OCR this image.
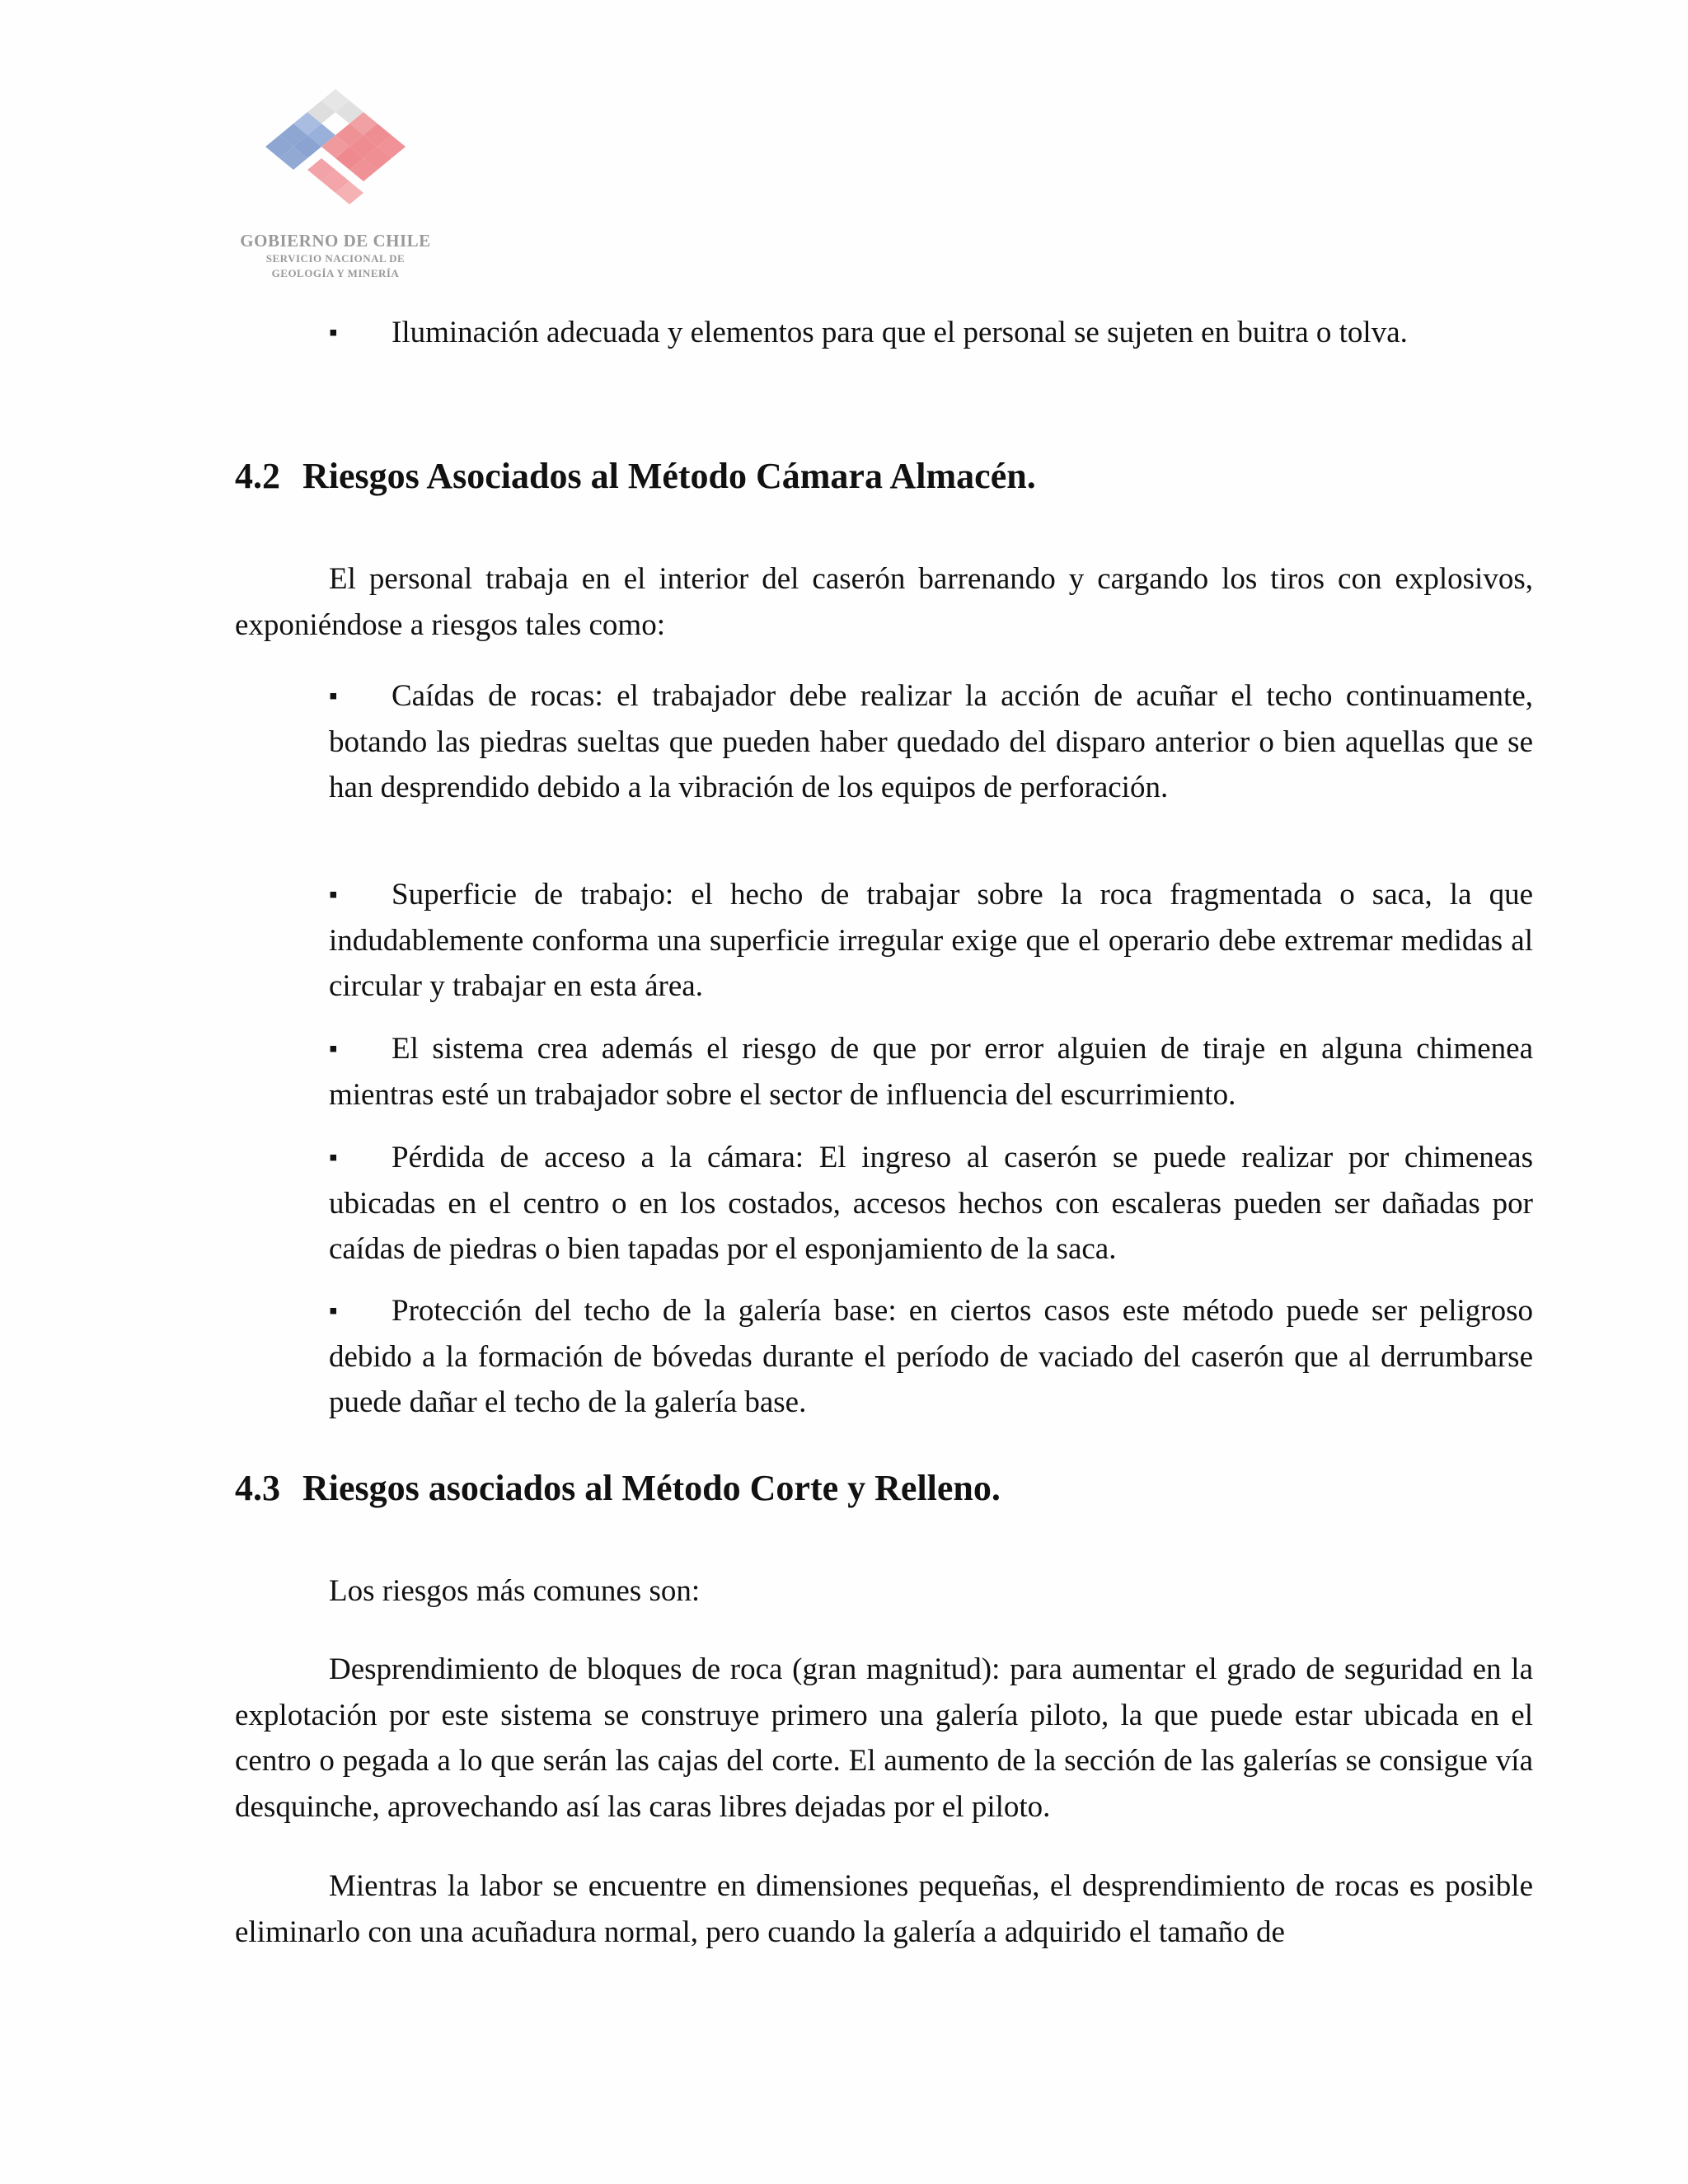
GOBIERNO DE CHILE
SERVICIO NACIONAL DE
GEOLOGÍA Y MINERÍA

▪	Iluminación adecuada y elementos para que el personal se sujeten en buitra o tolva.

4.2 Riesgos Asociados al Método Cámara Almacén.

El personal trabaja en el interior del caserón barrenando y cargando los tiros con explosivos, exponiéndose a riesgos tales como:

▪	Caídas de rocas: el trabajador debe realizar la acción de acuñar el techo continuamente, botando las piedras sueltas que pueden haber quedado del disparo anterior o bien aquellas que se han desprendido debido a la vibración de los equipos de perforación.

▪	Superficie de trabajo: el hecho de trabajar sobre la roca fragmentada o saca, la que indudablemente conforma una superficie irregular exige que el operario debe extremar medidas al circular y trabajar en esta área.

▪	El sistema crea además el riesgo de que por error alguien de tiraje en alguna chimenea mientras esté un trabajador sobre el sector de influencia del escurrimiento.

▪	Pérdida de acceso a la cámara: El ingreso al caserón se puede realizar por chimeneas ubicadas en el centro o en los costados, accesos hechos con escaleras pueden ser dañadas por caídas de piedras o bien tapadas por el esponjamiento de la saca.

▪	Protección del techo de la galería base: en ciertos casos este método puede ser peligroso debido a la formación de bóvedas durante el período de vaciado del caserón que al derrumbarse puede dañar el techo de la galería base.

4.3 Riesgos asociados al Método Corte y Relleno.

Los riesgos más comunes son:

Desprendimiento de bloques de roca (gran magnitud): para aumentar el grado de seguridad en la explotación por este sistema se construye primero una galería piloto, la que puede estar ubicada en el centro o pegada a lo que serán las cajas del corte. El aumento de la sección de las galerías se consigue vía desquinche, aprovechando así las caras libres dejadas por el piloto.

Mientras la labor se encuentre en dimensiones pequeñas, el desprendimiento de rocas es posible eliminarlo con una acuñadura normal, pero cuando la galería a adquirido el tamaño de
